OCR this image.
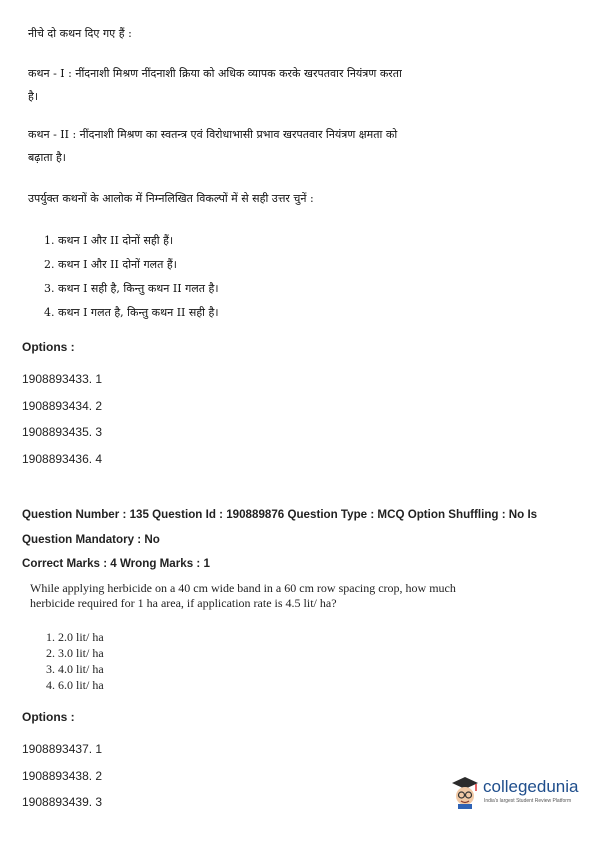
नीचे दो कथन दिए गए हैं :
कथन - I : नींदनाशी मिश्रण नींदनाशी क्रिया को अधिक व्यापक करके खरपतवार नियंत्रण करता
है।
कथन - II : नींदनाशी मिश्रण का स्वतन्त्र एवं विरोधाभासी प्रभाव खरपतवार नियंत्रण क्षमता को
बढ़ाता है।
उपर्युक्त कथनों के आलोक में निम्नलिखित विकल्पों में से सही उत्तर चुनें :
1. कथन I और II दोनों सही हैं।
2. कथन I और II दोनों गलत हैं।
3. कथन I सही है, किन्तु कथन II गलत है।
4. कथन I गलत है, किन्तु कथन II सही है।
Options :
1908893433. 1
1908893434. 2
1908893435. 3
1908893436. 4
Question Number : 135 Question Id : 190889876 Question Type : MCQ Option Shuffling : No Is
Question Mandatory : No
Correct Marks : 4 Wrong Marks : 1
While applying herbicide on a 40 cm wide band in a 60 cm row spacing crop, how much
herbicide required for 1 ha area, if application rate is 4.5 lit/ ha?
1. 2.0 lit/ ha
2. 3.0 lit/ ha
3. 4.0 lit/ ha
4. 6.0 lit/ ha
Options :
1908893437. 1
1908893438. 2
1908893439. 3
collegedunia
India's largest Student Review Platform
